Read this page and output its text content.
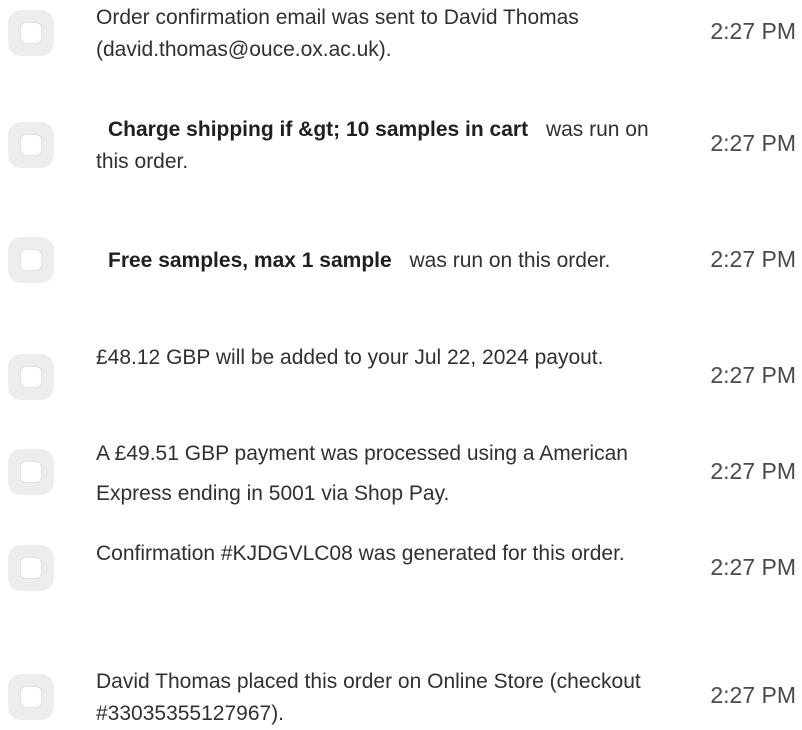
Order confirmation email was sent to David Thomas (david.thomas@ouce.ox.ac.uk).
2:27 PM
Charge shipping if &gt; 10 samples in cart was run on this order.
2:27 PM
Free samples, max 1 sample was run on this order.	2:27 PM
£48.12 GBP will be added to your Jul 22, 2024 payout.
2:27 PM
A £49.51 GBP payment was processed using a American Express ending in 5001 via Shop Pay.
2:27 PM
Confirmation #KJDGVLC08 was generated for this order.
2:27 PM
David Thomas placed this order on Online Store (checkout #33035355127967).
2:27 PM
